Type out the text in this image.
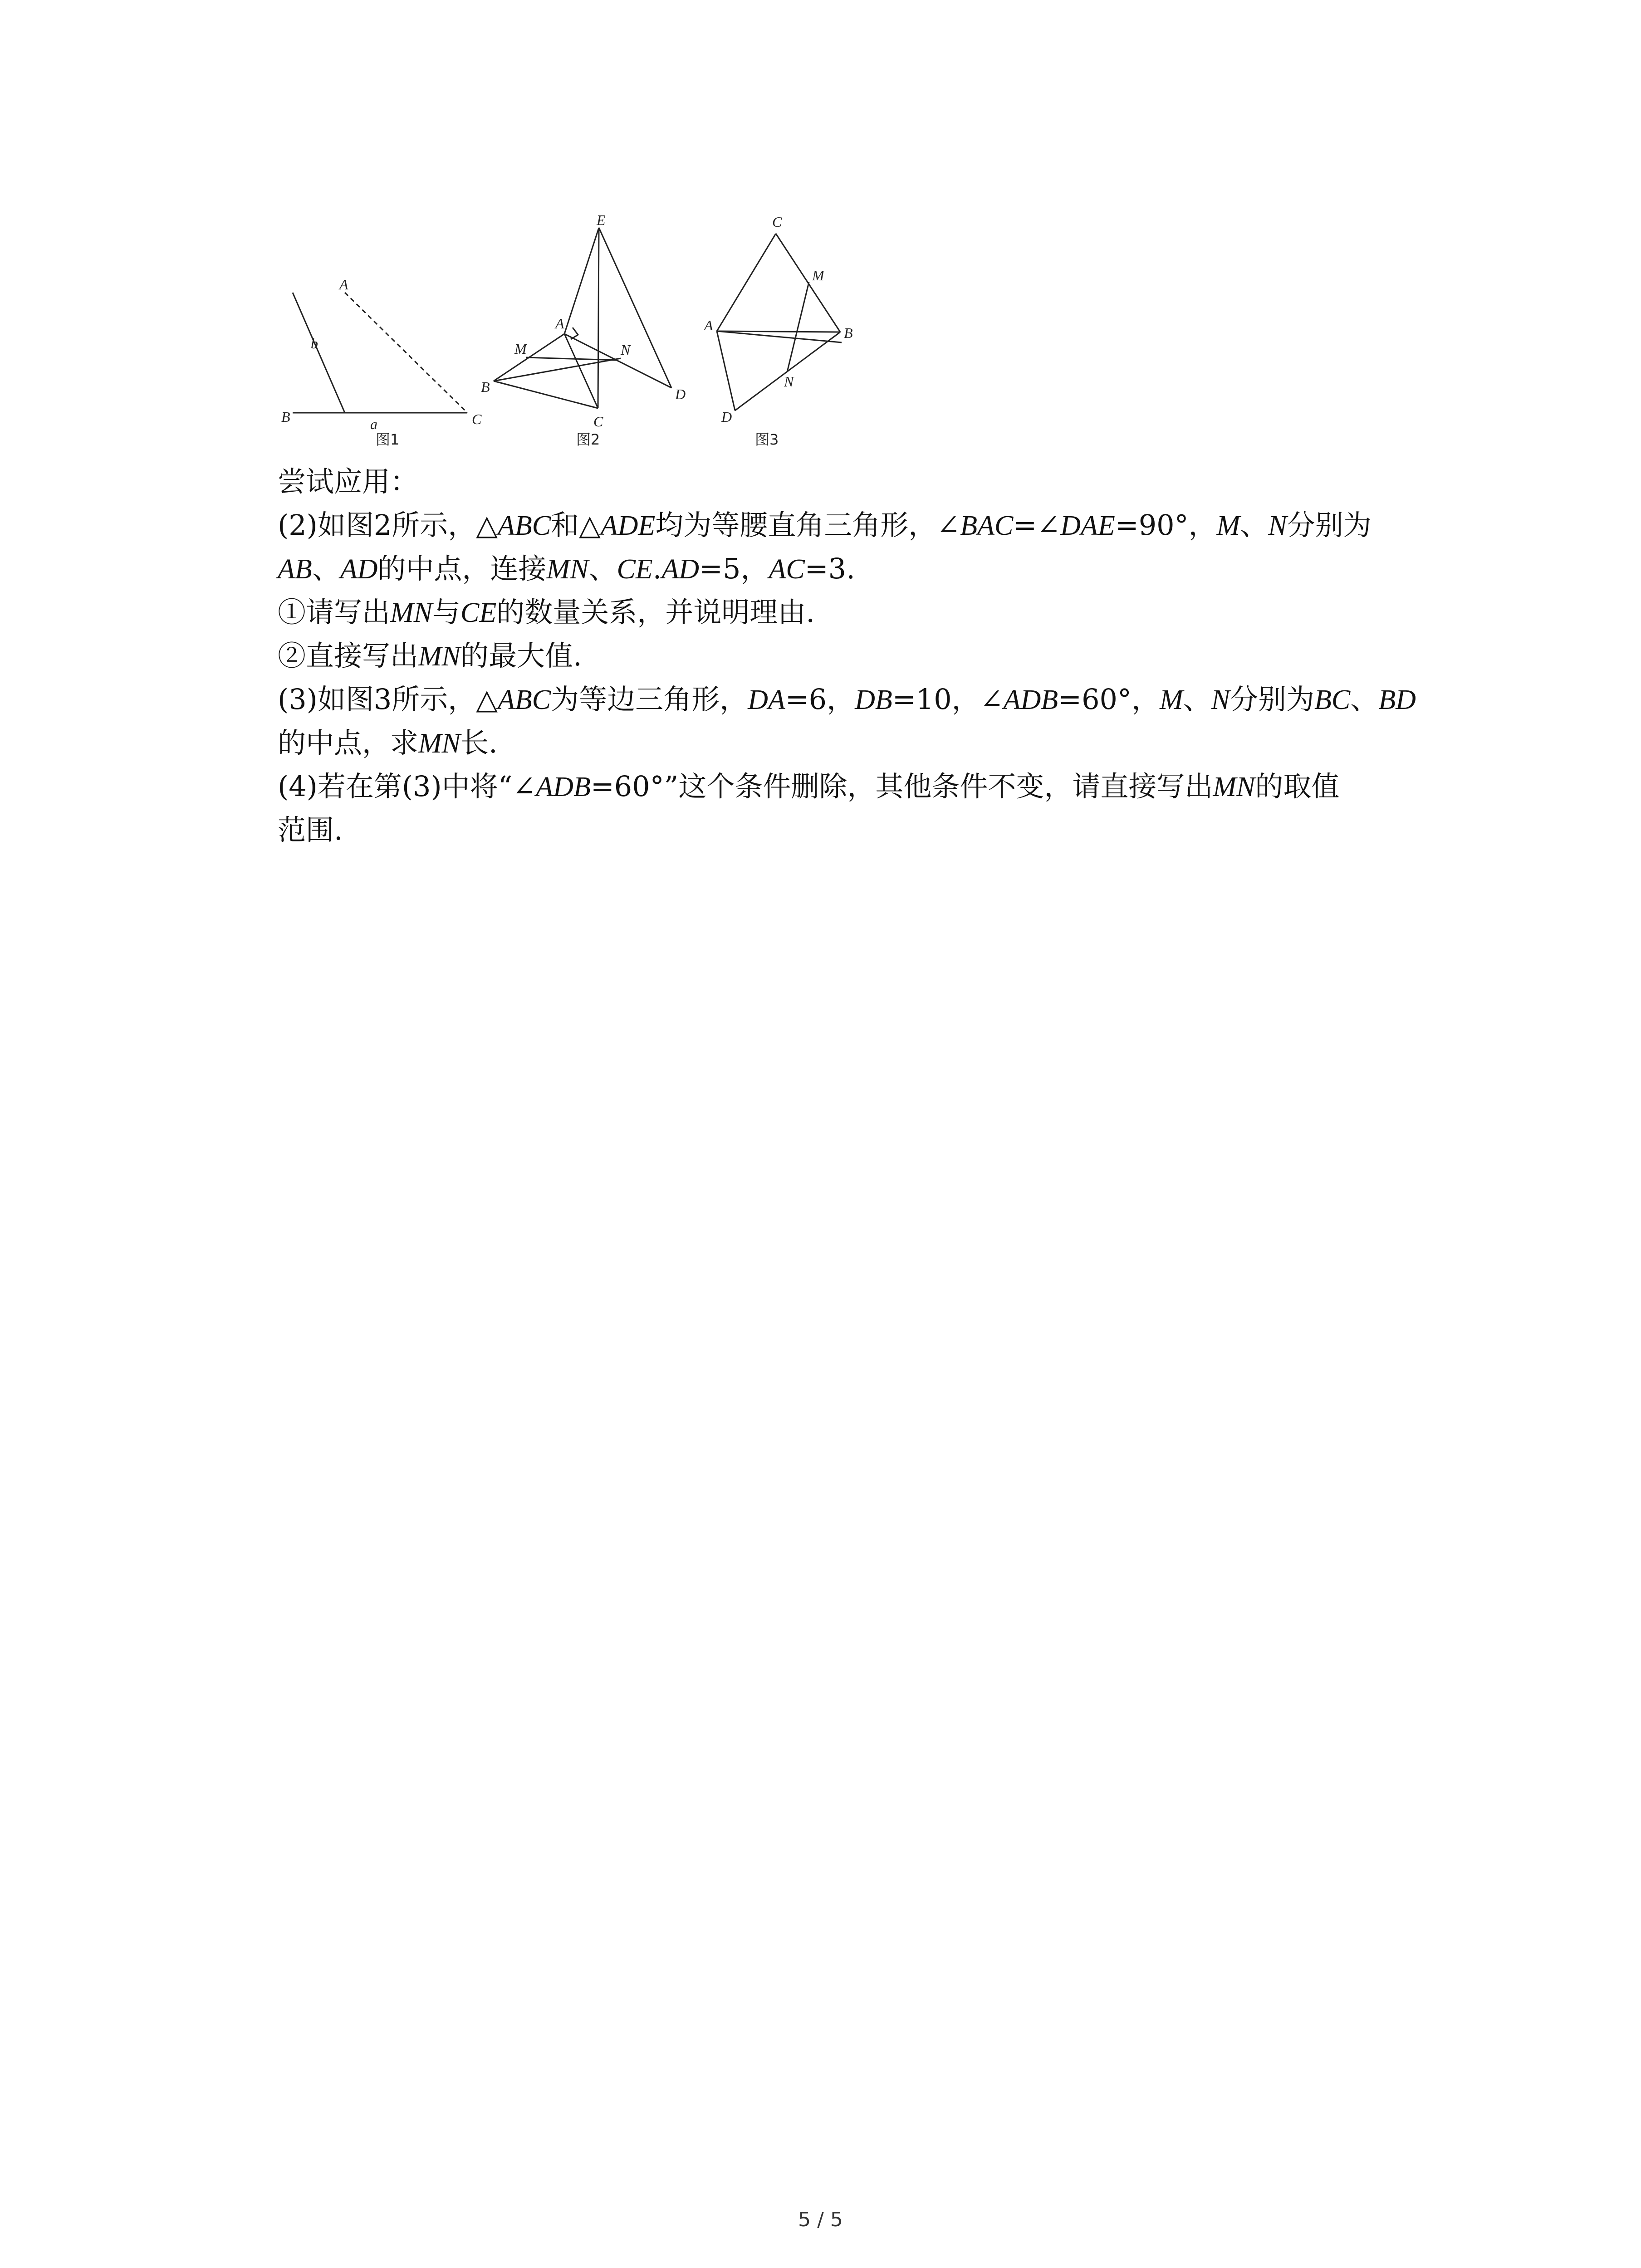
A
B	C
b
a
图1
E
A
M	N
B
C
D
图2
C
M
A	B
N
D
图3
尝试应用：
(2)如图2所示，△ABC和△ADE均为等腰直角三角形，∠BAC=∠DAE=90°，M、N分别为
AB、AD的中点，连接MN、CE.AD=5，AC=3.
①请写出MN与CE的数量关系，并说明理由.
②直接写出MN的最大值.
(3)如图3所示，△ABC为等边三角形，DA=6，DB=10，∠ADB=60°，M、N分别为BC、BD
的中点，求MN长.
(4)若在第(3)中将“∠ADB=60°”这个条件删除，其他条件不变，请直接写出MN的取值
范围.
5 / 5
